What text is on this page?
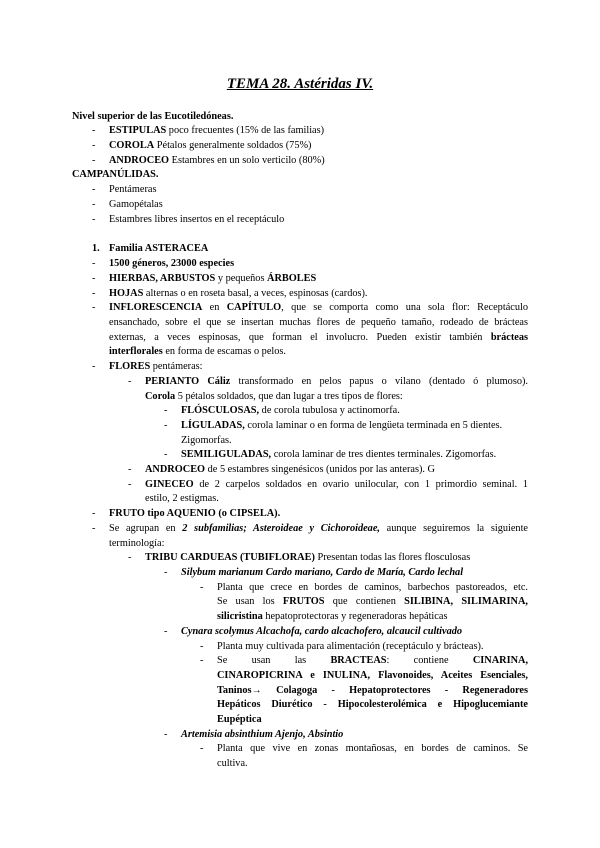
TEMA 28. Astéridas IV.
Nivel superior de las Eucotiledóneas.
- ESTIPULAS poco frecuentes (15% de las familias)
- COROLA Pétalos generalmente soldados (75%)
- ANDROCEO Estambres en un solo verticilo (80%)
CAMPANÚLIDAS.
- Pentámeras
- Gamopétalas
- Estambres libres insertos en el receptáculo
1. Familia ASTERACEA
- 1500 géneros, 23000 especies
- HIERBAS, ARBUSTOS y pequeños ÁRBOLES
- HOJAS alternas o en roseta basal, a veces, espinosas (cardos).
- INFLORESCENCIA en CAPÍTULO, que se comporta como una sola flor: Receptáculo
ensanchado, sobre el que se insertan muchas flores de pequeño tamaño, rodeado de brácteas
externas, a veces espinosas, que forman el involucro. Pueden existir también brácteas
interflorales en forma de escamas o pelos.
- FLORES pentámeras:
- PERIANTO Cáliz transformado en pelos papus o vilano (dentado ó plumoso).
Corola 5 pétalos soldados, que dan lugar a tres tipos de flores:
- FLÓSCULOSAS, de corola tubulosa y actinomorfa.
- LÍGULADAS, corola laminar o en forma de lengüeta terminada en 5 dientes.
Zigomorfas.
- SEMILIGULADAS, corola laminar de tres dientes terminales. Zigomorfas.
- ANDROCEO de 5 estambres singenésicos (unidos por las anteras). G
- GINECEO de 2 carpelos soldados en ovario unilocular, con 1 primordio seminal. 1
estilo, 2 estigmas.
- FRUTO tipo AQUENIO (o CIPSELA).
- Se agrupan en 2 subfamilias; Asteroideae y Cichoroideae, aunque seguiremos la siguiente
terminología:
- TRIBU CARDUEAS (TUBIFLORAE) Presentan todas las flores flosculosas
- Silybum marianum Cardo mariano, Cardo de María, Cardo lechal
- Planta que crece en bordes de caminos, barbechos pastoreados, etc.
Se usan los FRUTOS que contienen SILIBINA, SILIMARINA,
silicristina hepatoprotectoras y regeneradoras hepáticas
- Cynara scolymus Alcachofa, cardo alcachofero, alcaucil cultivado
- Planta muy cultivada para alimentación (receptáculo y brácteas).
- Se usan las BRACTEAS: contiene CINARINA,
CINAROPICRINA e INULINA, Flavonoides, Aceites Esenciales,
Taninos→ Colagoga - Hepatoprotectores - Regeneradores
Hepáticos Diurético - Hipocolesterolémica e Hipoglucemiante
Eupéptica
- Artemisia absinthium Ajenjo, Absintio
- Planta que vive en zonas montañosas, en bordes de caminos. Se
cultiva.
